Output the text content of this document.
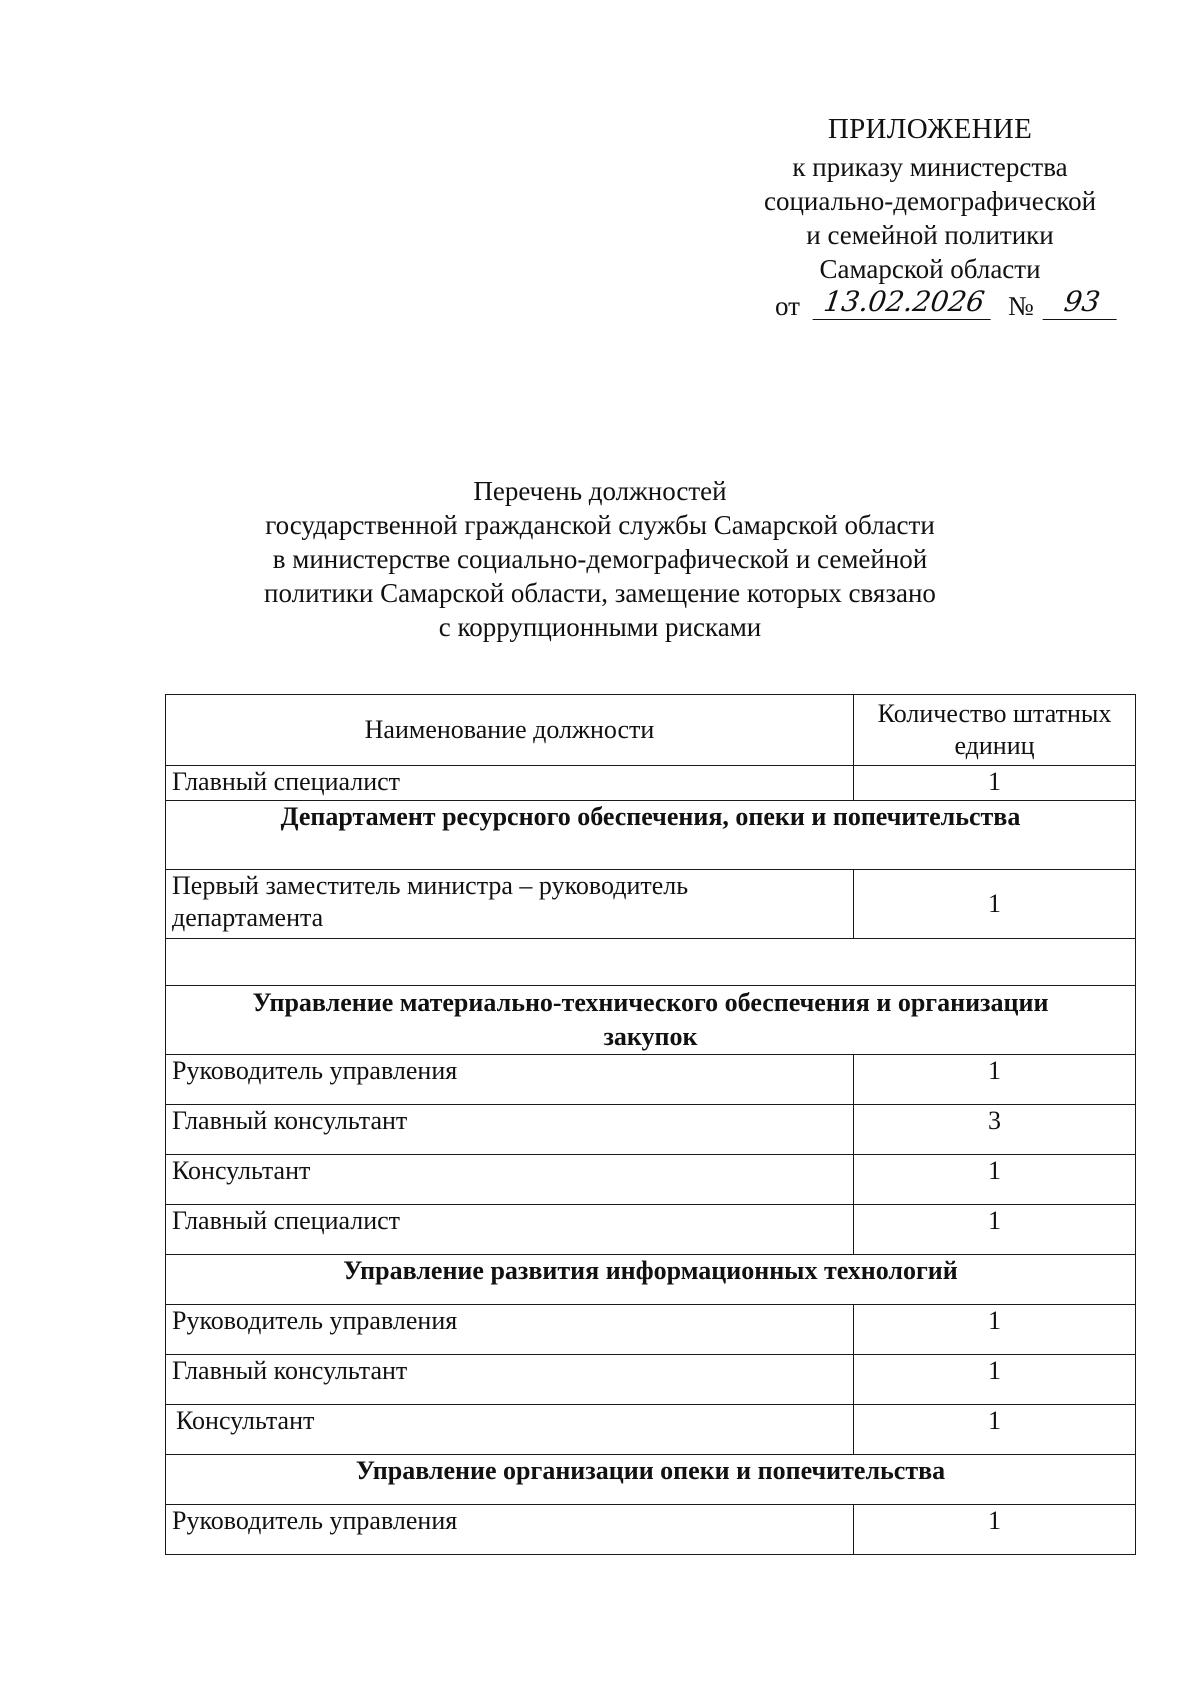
ПРИЛОЖЕНИЕ
к приказу министерства
социально-демографической
и семейной политики
Самарской области
от 13.02.2026 №	93
Перечень должностей
государственной гражданской службы Самарской области
в министерстве социально-демографической и семейной
политики Самарской области, замещение которых связано
с коррупционными рисками
Наименование должности	Количество штатных
единиц

Главный специалист	1
Департамент ресурсного обеспечения, опеки и попечительства	

Первый заместитель министра – руководитель
департамента	1

Управление материально-технического обеспечения и организации
закупок	

Руководитель управления	1
Главный консультант	3
Консультант	1
Главный специалист	1
Управление развития информационных технологий	
Руководитель управления	1
Главный консультант	1
Консультант	1
Управление организации опеки и попечительства	
Руководитель управления	1
